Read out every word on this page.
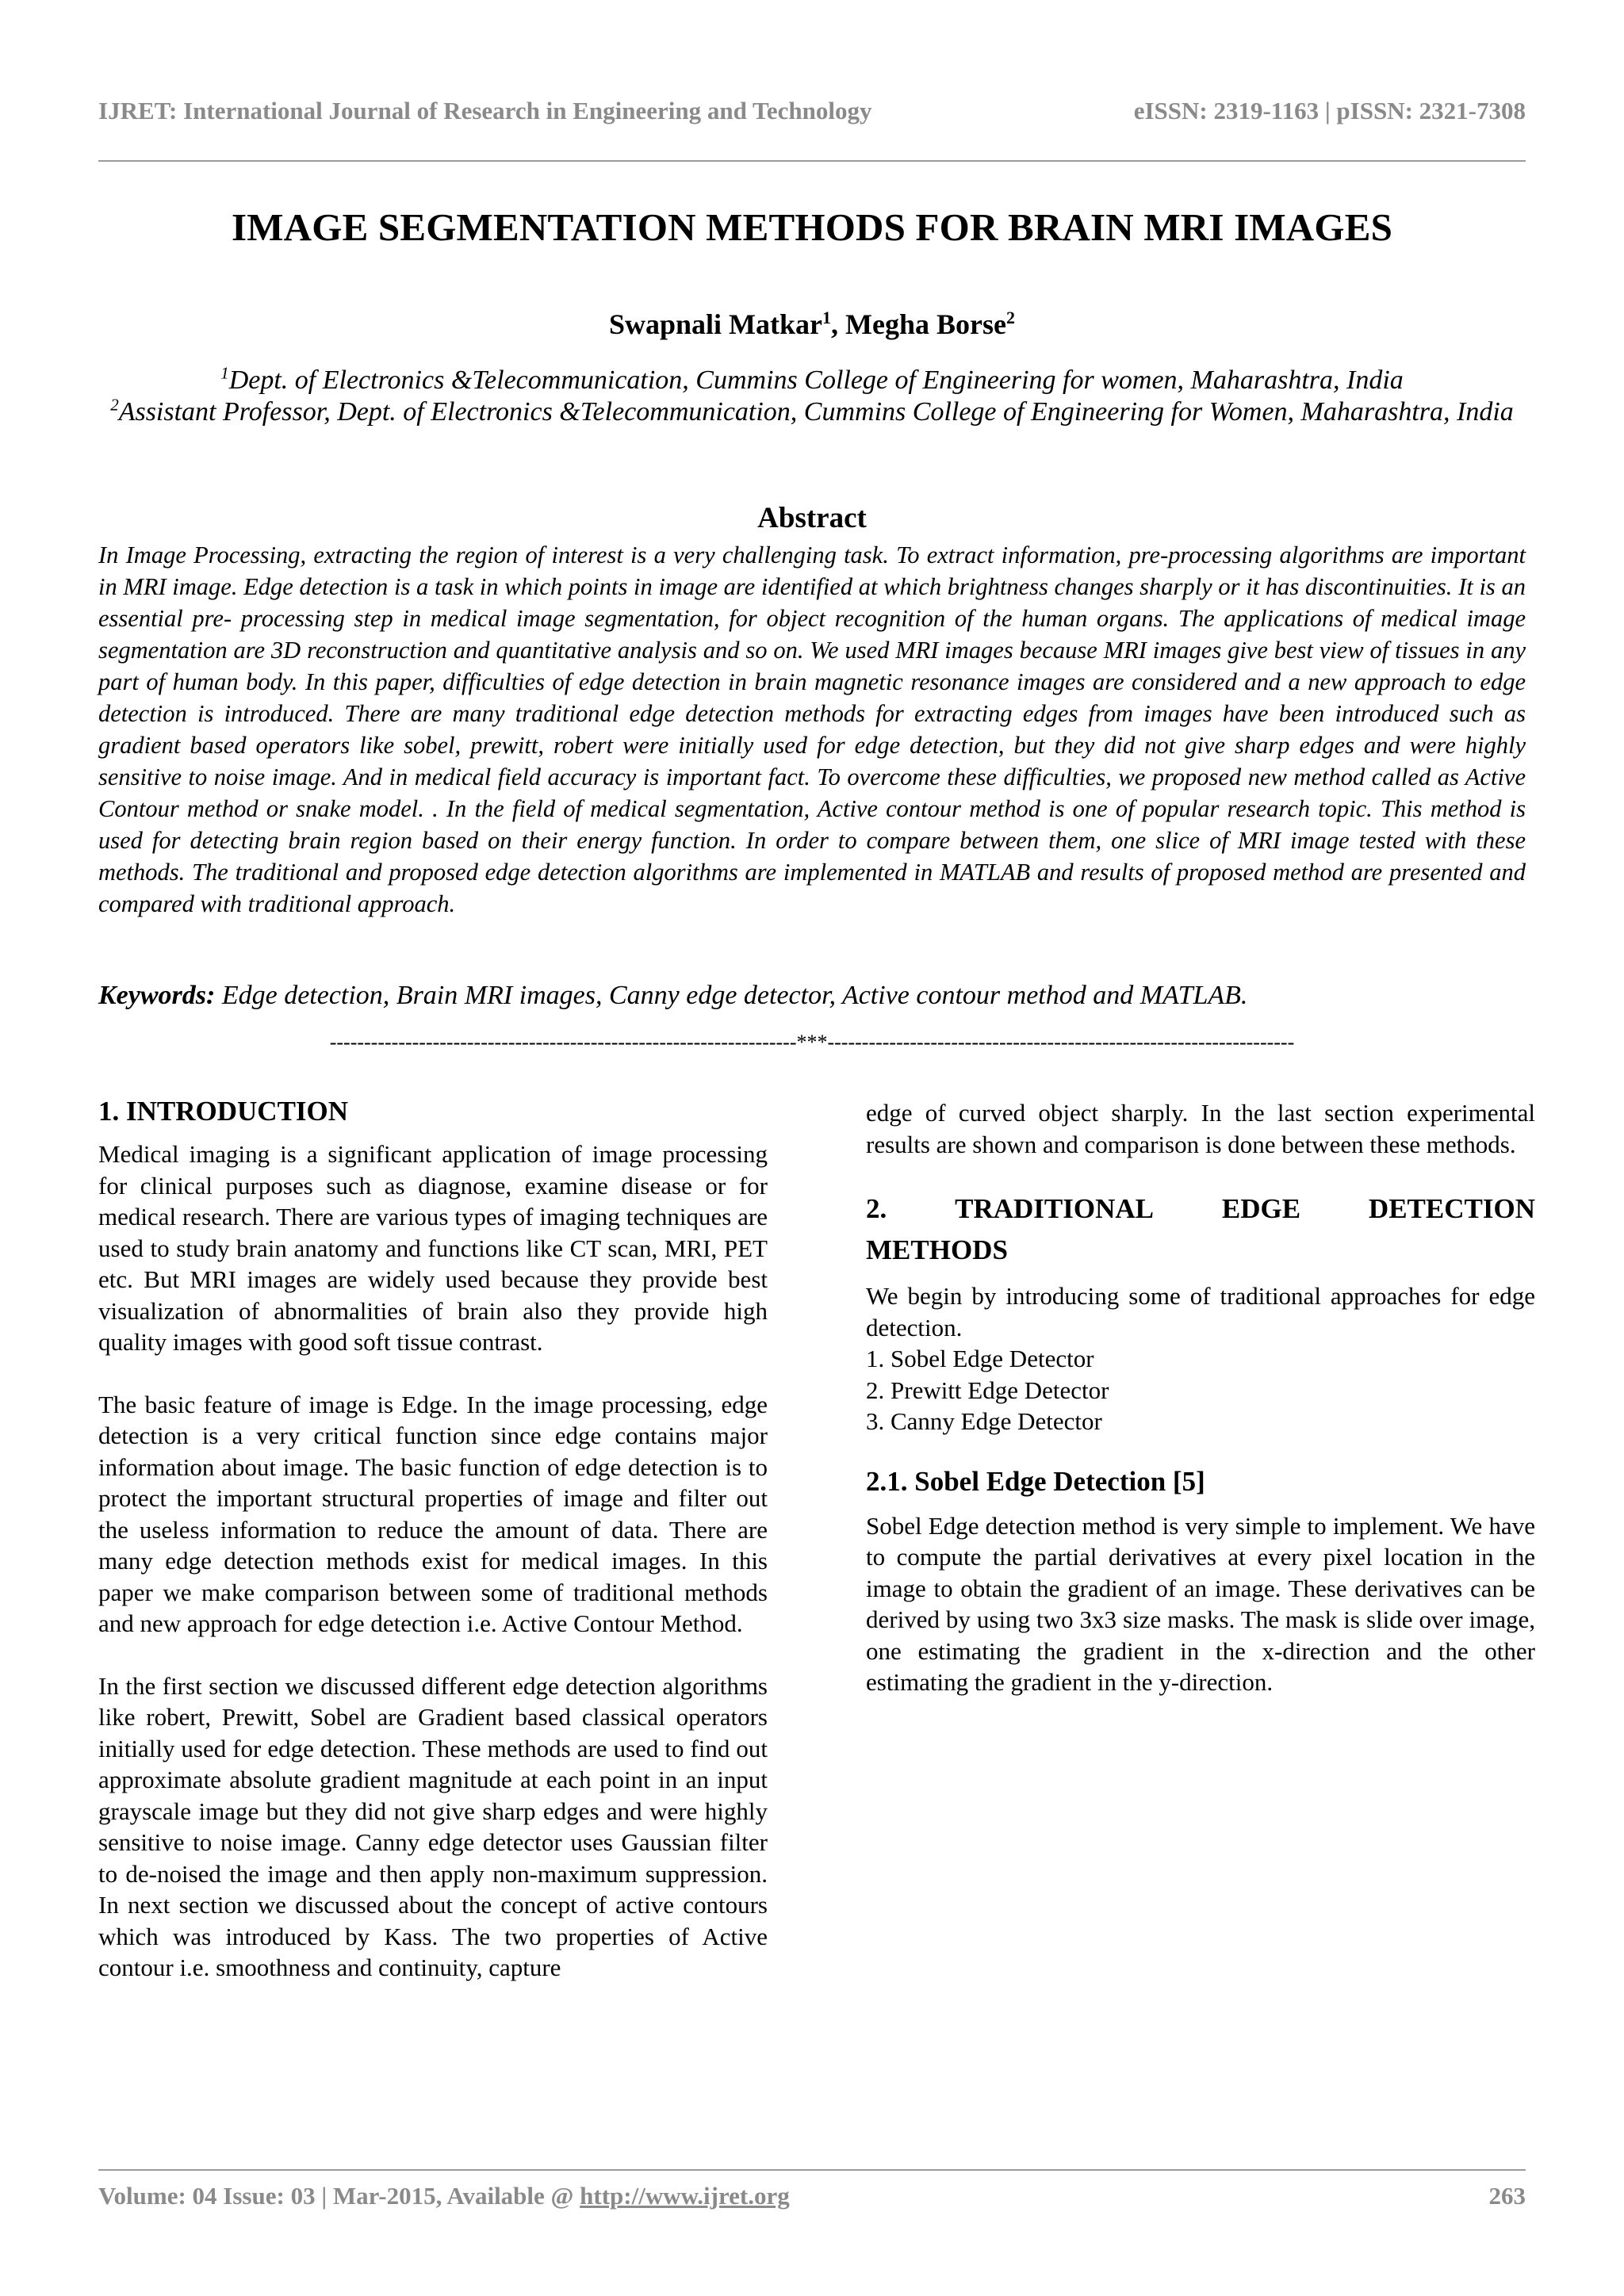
IJRET: International Journal of Research in Engineering and Technology	eISSN: 2319-1163 | pISSN: 2321-7308
IMAGE SEGMENTATION METHODS FOR BRAIN MRI IMAGES
Swapnali Matkar$^1$, Megha Borse$^2$
$^1$Dept. of Electronics &Telecommunication, Cummins College of Engineering for women, Maharashtra, India
$^2$Assistant Professor, Dept. of Electronics &Telecommunication, Cummins College of Engineering for Women, Maharashtra, India
Abstract
In Image Processing, extracting the region of interest is a very challenging task. To extract information, pre-processing algorithms are important in MRI image. Edge detection is a task in which points in image are identified at which brightness changes sharply or it has discontinuities. It is an essential pre- processing step in medical image segmentation, for object recognition of the human organs. The applications of medical image segmentation are 3D reconstruction and quantitative analysis and so on. We used MRI images because MRI images give best view of tissues in any part of human body. In this paper, difficulties of edge detection in brain magnetic resonance images are considered and a new approach to edge detection is introduced. There are many traditional edge detection methods for extracting edges from images have been introduced such as gradient based operators like sobel, prewitt, robert were initially used for edge detection, but they did not give sharp edges and were highly sensitive to noise image. And in medical field accuracy is important fact. To overcome these difficulties, we proposed new method called as Active Contour method or snake model. . In the field of medical segmentation, Active contour method is one of popular research topic. This method is used for detecting brain region based on their energy function. In order to compare between them, one slice of MRI image tested with these methods. The traditional and proposed edge detection algorithms are implemented in MATLAB and results of proposed method are presented and compared with traditional approach.
Keywords: Edge detection, Brain MRI images, Canny edge detector, Active contour method and MATLAB.
--------------------------------------------------------------------***--------------------------------------------------------------------
1. INTRODUCTION

Medical imaging is a significant application of image processing for clinical purposes such as diagnose, examine disease or for medical research. There are various types of imaging techniques are used to study brain anatomy and functions like CT scan, MRI, PET etc. But MRI images are widely used because they provide best visualization of abnormalities of brain also they provide high quality images with good soft tissue contrast.

The basic feature of image is Edge. In the image processing, edge detection is a very critical function since edge contains major information about image. The basic function of edge detection is to protect the important structural properties of image and filter out the useless information to reduce the amount of data. There are many edge detection methods exist for medical images. In this paper we make comparison between some of traditional methods and new approach for edge detection i.e. Active Contour Method.

In the first section we discussed different edge detection algorithms like robert, Prewitt, Sobel are Gradient based classical operators initially used for edge detection. These methods are used to find out approximate absolute gradient magnitude at each point in an input grayscale image but they did not give sharp edges and were highly sensitive to noise image. Canny edge detector uses Gaussian filter to de-noised the image and then apply non-maximum suppression. In next section we discussed about the concept of active contours which was introduced by Kass. The two properties of Active contour i.e. smoothness and continuity, capture

edge of curved object sharply. In the last section experimental results are shown and comparison is done between these methods.

2. TRADITIONAL EDGE DETECTION
METHODS

We begin by introducing some of traditional approaches for edge detection.

1. Sobel Edge Detector
2. Prewitt Edge Detector
3. Canny Edge Detector
2.1. Sobel Edge Detection [5]

Sobel Edge detection method is very simple to implement. We have to compute the partial derivatives at every pixel location in the image to obtain the gradient of an image. These derivatives can be derived by using two 3x3 size masks. The mask is slide over image, one estimating the gradient in the x-direction and the other estimating the gradient in the y-direction.

Volume: 04 Issue: 03 | Mar-2015, Available @ http://www.ijret.org	263
